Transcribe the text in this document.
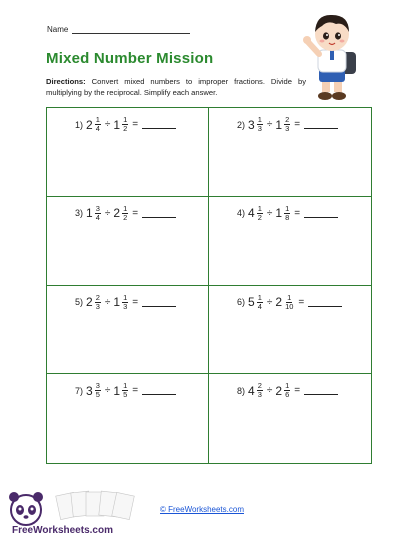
Name
Mixed Number Mission
Directions: Convert mixed numbers to improper fractions. Divide by multiplying by the reciprocal. Simplify each answer.
1) $2 \frac{1}{4} \div 1 \frac{1}{2}$ =	2) $3 \frac{1}{3} \div 1 \frac{2}{3}$ =
3) $1 \frac{3}{4} \div 2 \frac{1}{2}$ =	4) $4 \frac{1}{2} \div 1 \frac{1}{8}$ =
5) $2 \frac{2}{3} \div 1 \frac{1}{3}$ =	6) $5 \frac{1}{4} \div 2 \frac{1}{10}$ =
7) $3 \frac{3}{5} \div 1 \frac{1}{5}$ =	8) $4 \frac{2}{3} \div 2 \frac{1}{6}$ =
FreeWorksheets.com
© FreeWorksheets.com
